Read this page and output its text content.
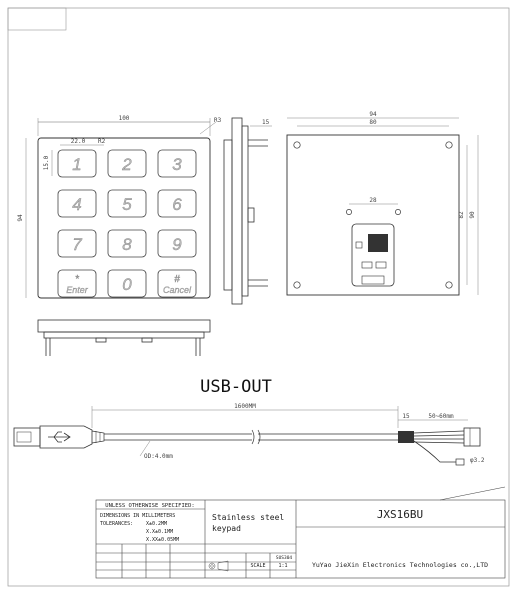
100
22.0 R2
R3
15.0
94
1 2 3
4 5 6
7 8 9
*
Enter 0	#
Cancel
15
94
80
28
82 90
USB-OUT
1600MM
15	50~60mm
OD:4.0mm
φ3.2
UNLESS OTHERWISE SPECIFIED:
DIMENSIONS IN MILLIMETERS
TOLERANCES:	X±0.2MM
X.X±0.1MM
X.XX±0.05MM
Stainless steel
keypad
JXS16BU
SUS304
SCALE	1:1	YuYao JieXin Electronics Technologies co.,LTD
